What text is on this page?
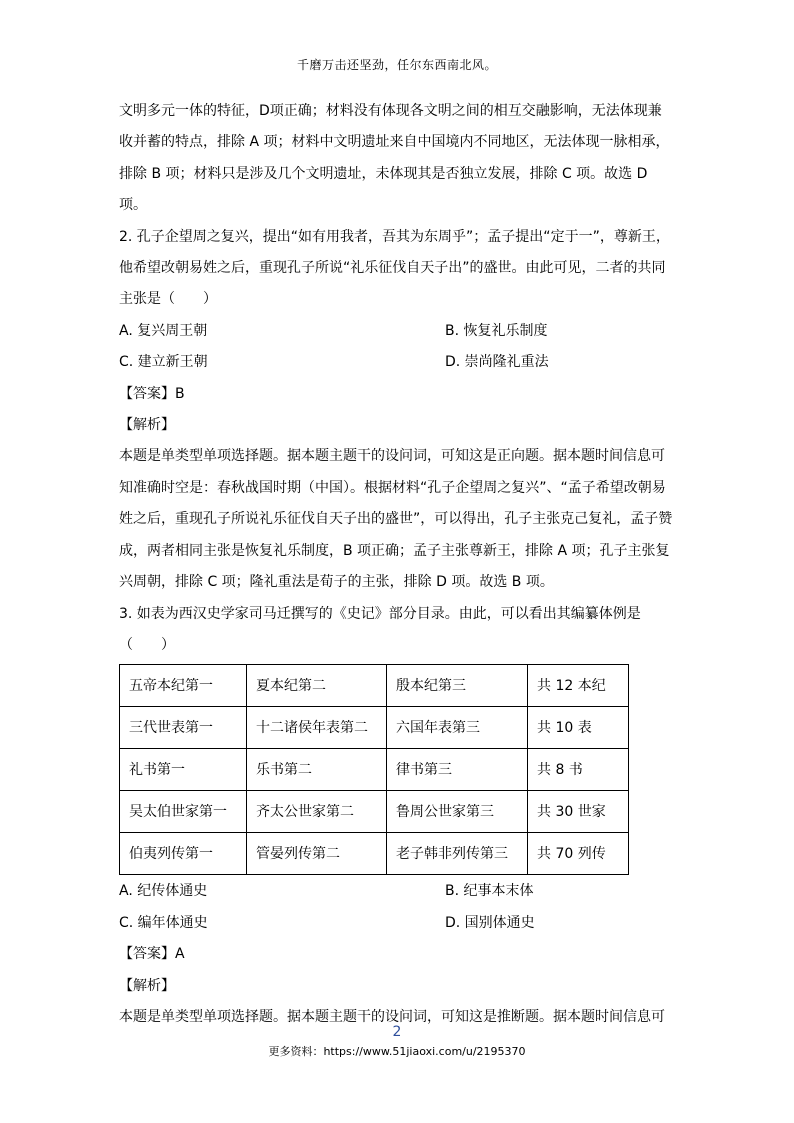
千磨万击还坚劲，任尔东西南北风。

文明多元一体的特征，D项正确；材料没有体现各文明之间的相互交融影响，无法体现兼

收并蓄的特点，排除 A 项；材料中文明遗址来自中国境内不同地区，无法体现一脉相承，

排除 B 项；材料只是涉及几个文明遗址，未体现其是否独立发展，排除 C 项。故选 D

项。

2. 孔子企望周之复兴，提出“如有用我者，吾其为东周乎”；孟子提出“定于一”，尊新王，

他希望改朝易姓之后，重现孔子所说“礼乐征伐自天子出”的盛世。由此可见，二者的共同

主张是（　　）

A. 复兴周王朝	B. 恢复礼乐制度
C. 建立新王朝	D. 崇尚隆礼重法

【答案】B

【解析】

本题是单类型单项选择题。据本题主题干的设问词，可知这是正向题。据本题时间信息可

知准确时空是：春秋战国时期（中国）。根据材料“孔子企望周之复兴”、“孟子希望改朝易

姓之后，重现孔子所说礼乐征伐自天子出的盛世”，可以得出，孔子主张克己复礼，孟子赞

成，两者相同主张是恢复礼乐制度，B 项正确；孟子主张尊新王，排除 A 项；孔子主张复

兴周朝，排除 C 项；隆礼重法是荀子的主张，排除 D 项。故选 B 项。

3. 如表为西汉史学家司马迁撰写的《史记》部分目录。由此，可以看出其编纂体例是

（　　）

五帝本纪第一	夏本纪第二	殷本纪第三	共 12 本纪
三代世表第一	十二诸侯年表第二	六国年表第三	共 10 表
礼书第一	乐书第二	律书第三	共 8 书
吴太伯世家第一	齐太公世家第二	鲁周公世家第三	共 30 世家
伯夷列传第一	管晏列传第二	老子韩非列传第三	共 70 列传
A. 纪传体通史	B. 纪事本末体
C. 编年体通史	D. 国别体通史

【答案】A

【解析】

本题是单类型单项选择题。据本题主题干的设问词，可知这是推断题。据本题时间信息可

2
更多资料：https://www.51jiaoxi.com/u/2195370
